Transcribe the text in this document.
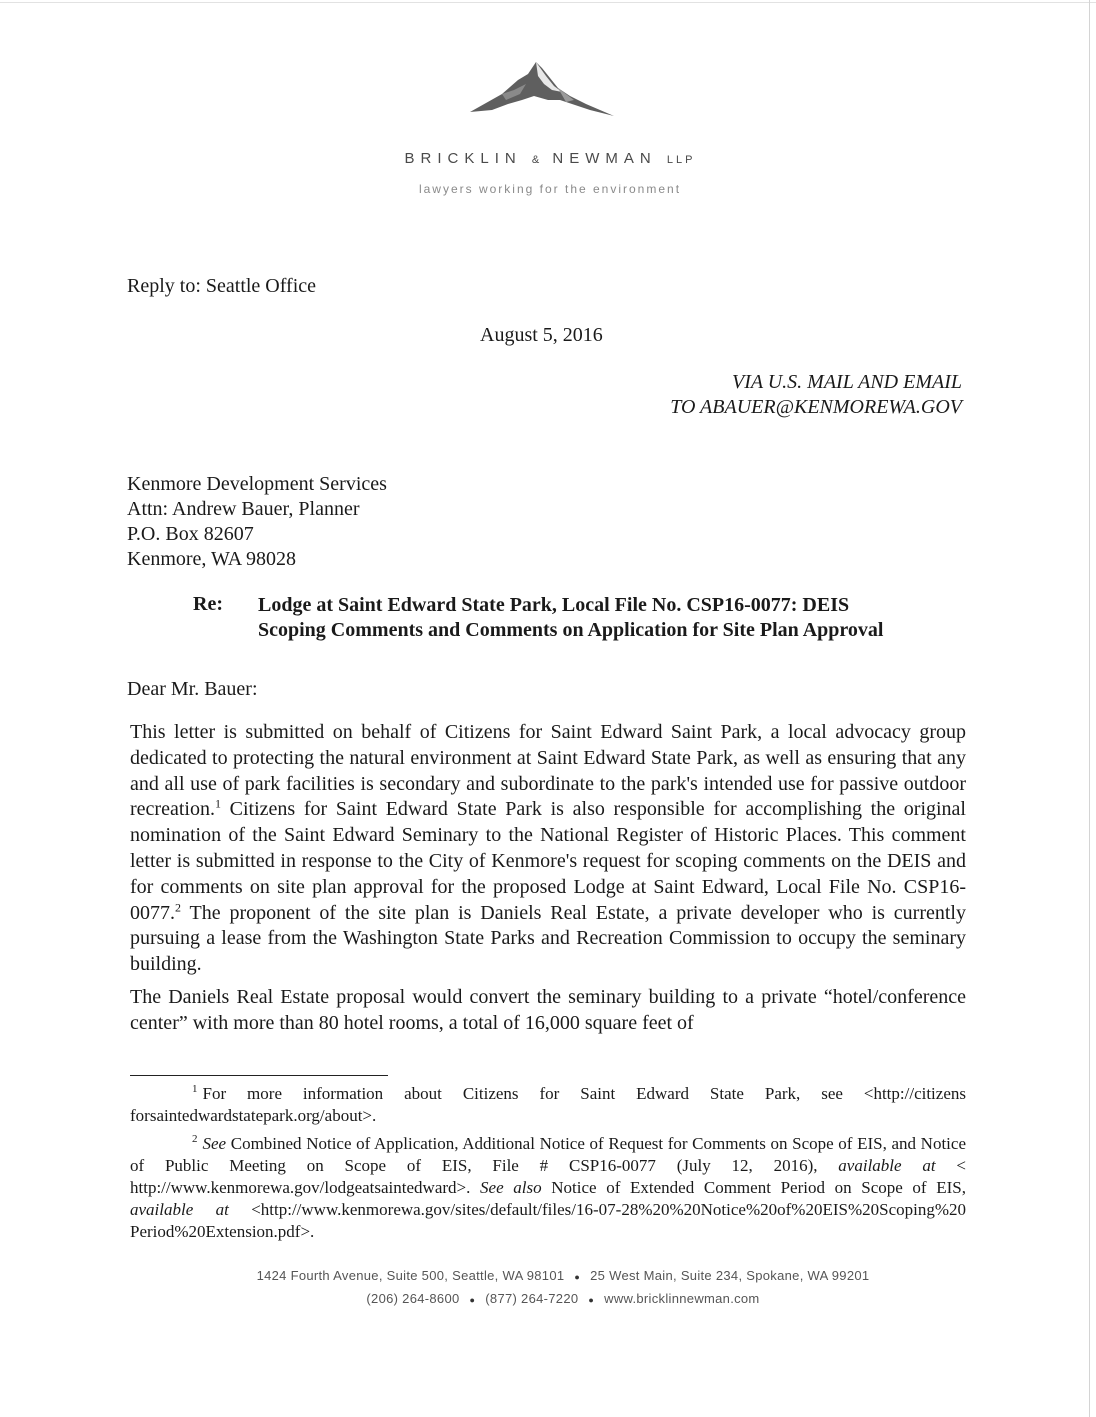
BRICKLIN & NEWMAN LLP
lawyers working for the environment
Reply to: Seattle Office
August 5, 2016
VIA U.S. MAIL AND EMAIL
TO ABAUER@KENMOREWA.GOV
Kenmore Development Services
Attn: Andrew Bauer, Planner
P.O. Box 82607
Kenmore, WA 98028
Re: Lodge at Saint Edward State Park, Local File No. CSP16-0077: DEIS
Scoping Comments and Comments on Application for Site Plan Approval
Dear Mr. Bauer:
This letter is submitted on behalf of Citizens for Saint Edward Saint Park, a local advocacy group dedicated to protecting the natural environment at Saint Edward State Park, as well as ensuring that any and all use of park facilities is secondary and subordinate to the park's intended use for passive outdoor recreation.$^1$ Citizens for Saint Edward State Park is also responsible for accomplishing the original nomination of the Saint Edward Seminary to the National Register of Historic Places. This comment letter is submitted in response to the City of Kenmore's request for scoping comments on the DEIS and for comments on site plan approval for the proposed Lodge at Saint Edward, Local File No. CSP16-0077.$^2$ The proponent of the site plan is Daniels Real Estate, a private developer who is currently pursuing a lease from the Washington State Parks and Recreation Commission to occupy the seminary building.
The Daniels Real Estate proposal would convert the seminary building to a private “hotel/conference center” with more than 80 hotel rooms, a total of 16,000 square feet of
$^1$ For more information about Citizens for Saint Edward State Park, see <http://citizens forsaintedwardstatepark.org/about>.
$^2$ See Combined Notice of Application, Additional Notice of Request for Comments on Scope of EIS, and Notice of Public Meeting on Scope of EIS, File # CSP16-0077 (July 12, 2016), available at < http://www.kenmorewa.gov/lodgeatsaintedward>. See also Notice of Extended Comment Period on Scope of EIS, available at <http://www.kenmorewa.gov/sites/default/files/16-07-28%20%20Notice%20of%20EIS%20Scoping%20 Period%20Extension.pdf>.
1424 Fourth Avenue, Suite 500, Seattle, WA 98101 ● 25 West Main, Suite 234, Spokane, WA 99201
(206) 264-8600 ● (877) 264-7220 ● www.bricklinnewman.com
